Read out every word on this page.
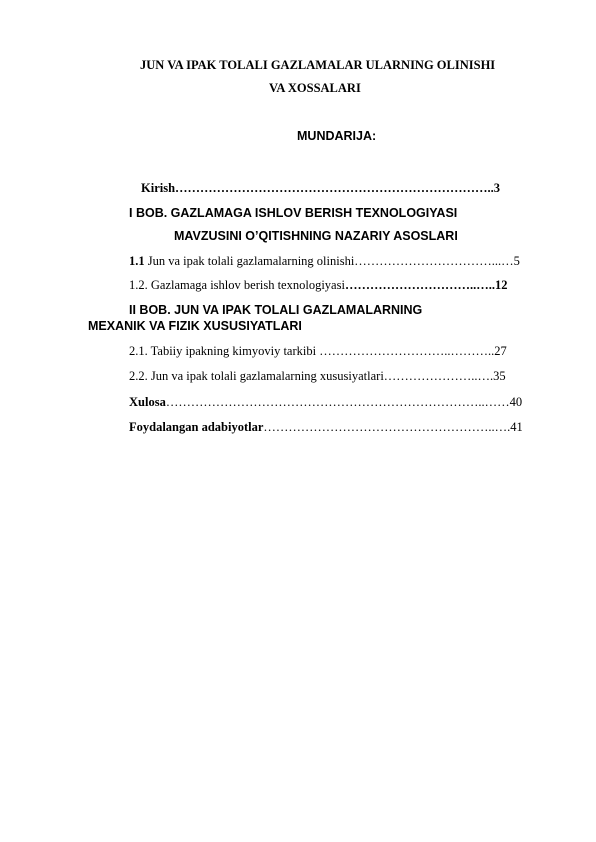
JUN VA IPAK TOLALI GAZLAMALAR ULARNING OLINISHI
VA XOSSALARI
MUNDARIJA:
Kirish…………………………………………………………………..3
I BOB. GAZLAMAGA ISHLOV BERISH TEXNOLOGIYASI
MAVZUSINI O’QITISHNING NAZARIY ASOSLARI
1.1 Jun va ipak tolali gazlamalarning olinishi……………………………...…5
1.2. Gazlamaga ishlov berish texnologiyasi…………………………..…..12
II BOB. JUN VA IPAK TOLALI GAZLAMALARNING
MEXANIK VA FIZIK XUSUSIYATLARI
2.1. Tabiiy ipakning kimyoviy tarkibi …………………………..………..27
2.2. Jun va ipak tolali gazlamalarning xususiyatlari…………………..….35
Xulosa…………………………………………………………………..……40
Foydalangan adabiyotlar………………………………………………..….41
